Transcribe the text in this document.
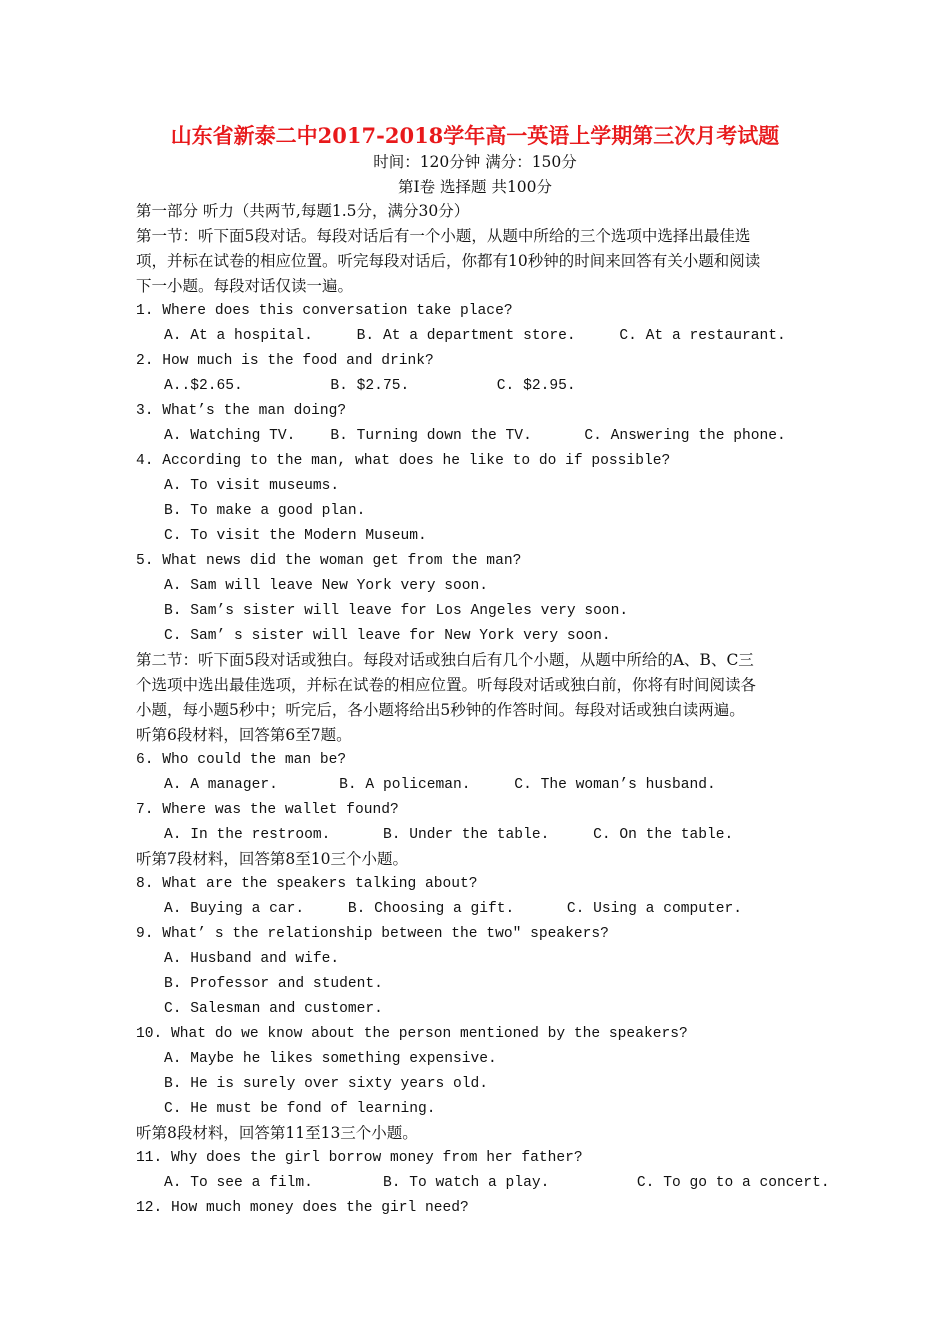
山东省新泰二中2017-2018学年高一英语上学期第三次月考试题
时间：120分钟 满分：150分
第Ⅰ卷 选择题 共100分
第一部分 听力（共两节,每题1.5分，满分30分）
第一节：听下面5段对话。每段对话后有一个小题，从题中所给的三个选项中选择出最佳选
项，并标在试卷的相应位置。听完每段对话后，你都有10秒钟的时间来回答有关小题和阅读
下一小题。每段对话仅读一遍。
1. Where does this conversation take place?
A. At a hospital.     B. At a department store.     C. At a restaurant.
2. How much is the food and drink?
A..$2.65.          B. $2.75.          C. $2.95.
3. What’s the man doing?
A. Watching TV.    B. Turning down the TV.      C. Answering the phone.
4. According to the man, what does he like to do if possible?
A. To visit museums.
B. To make a good plan.
C. To visit the Modern Museum.
5. What news did the woman get from the man?
A. Sam will leave New York very soon.
B. Sam’s sister will leave for Los Angeles very soon.
C. Sam’ s sister will leave for New York very soon.
第二节：听下面5段对话或独白。每段对话或独白后有几个小题，从题中所给的A、B、C三
个选项中选出最佳选项，并标在试卷的相应位置。听每段对话或独白前，你将有时间阅读各
小题，每小题5秒中；听完后，各小题将给出5秒钟的作答时间。每段对话或独白读两遍。
听第6段材料，回答第6至7题。
6. Who could the man be?
A. A manager.       B. A policeman.     C. The woman’s husband.
7. Where was the wallet found?
A. In the restroom.      B. Under the table.     C. On the table.
听第7段材料，回答第8至10三个小题。
8. What are the speakers talking about?
A. Buying a car.     B. Choosing a gift.      C. Using a computer.
9. What’ s the relationship between the two″ speakers?
A. Husband and wife.
B. Professor and student.
C. Salesman and customer.
10. What do we know about the person mentioned by the speakers?
A. Maybe he likes something expensive.
B. He is surely over sixty years old.
C. He must be fond of learning.
听第8段材料，回答第11至13三个小题。
11. Why does the girl borrow money from her father?
A. To see a film.        B. To watch a play.          C. To go to a concert.
12. How much money does the girl need?
